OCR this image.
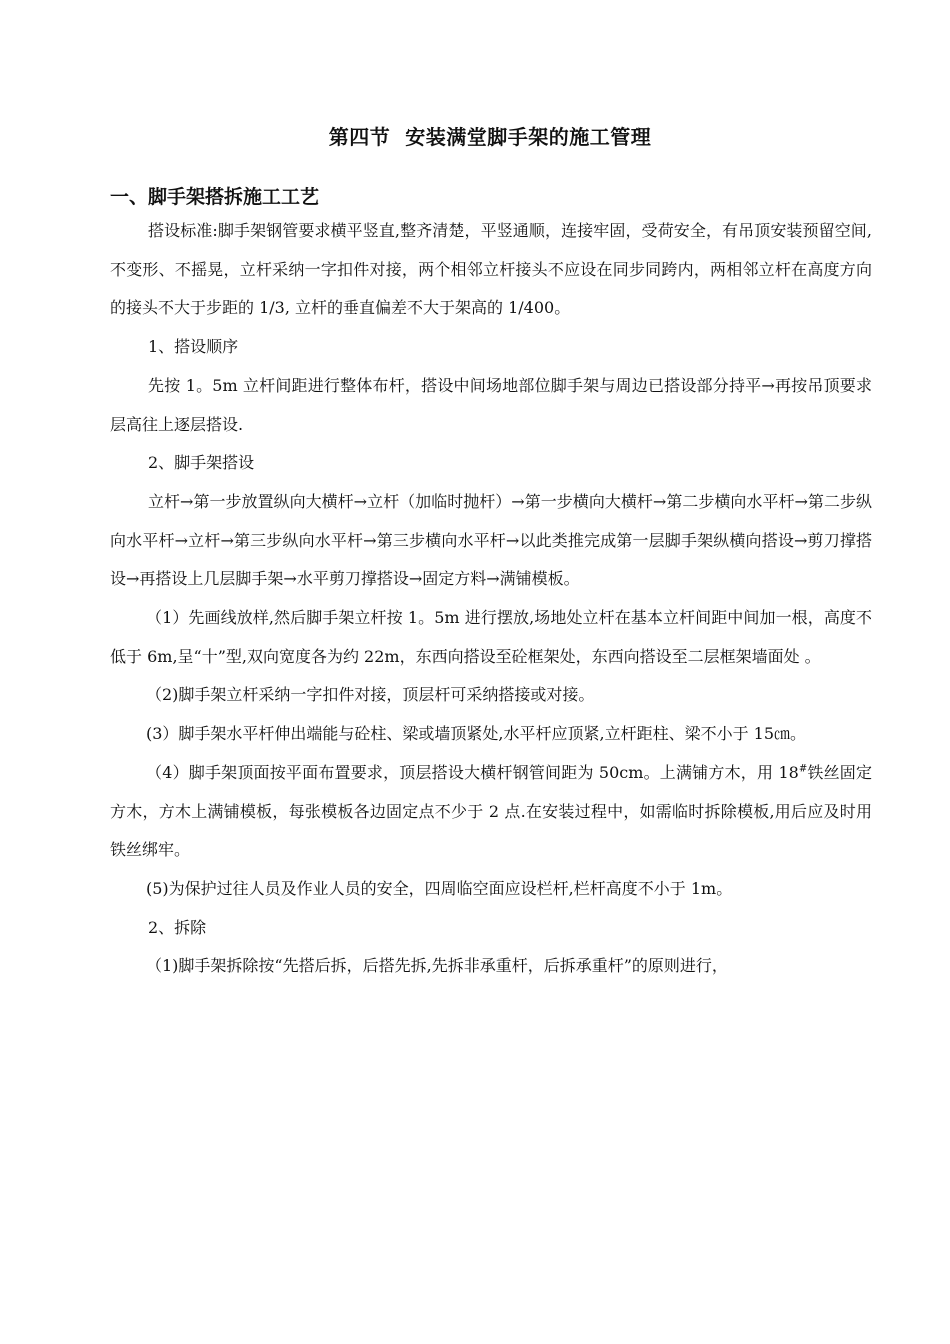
第四节  安装满堂脚手架的施工管理
一、脚手架搭拆施工工艺

搭设标准:脚手架钢管要求横平竖直,整齐清楚，平竖通顺，连接牢固，受荷安全，有吊顶安装预留空间,不变形、不摇晃，立杆采纳一字扣件对接，两个相邻立杆接头不应设在同步同跨内，两相邻立杆在高度方向的接头不大于步距的 1/3, 立杆的垂直偏差不大于架高的 1/400。

1、搭设顺序

先按 1。5m 立杆间距进行整体布杆，搭设中间场地部位脚手架与周边已搭设部分持平→再按吊顶要求层高往上逐层搭设.

2、脚手架搭设

立杆→第一步放置纵向大横杆→立杆（加临时抛杆）→第一步横向大横杆→第二步横向水平杆→第二步纵向水平杆→立杆→第三步纵向水平杆→第三步横向水平杆→以此类推完成第一层脚手架纵横向搭设→剪刀撑搭设→再搭设上几层脚手架→水平剪刀撑搭设→固定方料→满铺模板。

（1）先画线放样,然后脚手架立杆按 1。5m 进行摆放,场地处立杆在基本立杆间距中间加一根，高度不低于 6m,呈“十”型,双向宽度各为约 22m，东西向搭设至砼框架处，东西向搭设至二层框架墙面处 。

（2)脚手架立杆采纳一字扣件对接，顶层杆可采纳搭接或对接。

(3）脚手架水平杆伸出端能与砼柱、梁或墙顶紧处,水平杆应顶紧,立杆距柱、梁不小于 15㎝。

（4）脚手架顶面按平面布置要求，顶层搭设大横杆钢管间距为 50cm。上满铺方木，用 18#铁丝固定方木，方木上满铺模板，每张模板各边固定点不少于 2 点.在安装过程中，如需临时拆除模板,用后应及时用铁丝绑牢。

(5)为保护过往人员及作业人员的安全，四周临空面应设栏杆,栏杆高度不小于 1m。

2、拆除

（1)脚手架拆除按“先搭后拆，后搭先拆,先拆非承重杆，后拆承重杆”的原则进行，
